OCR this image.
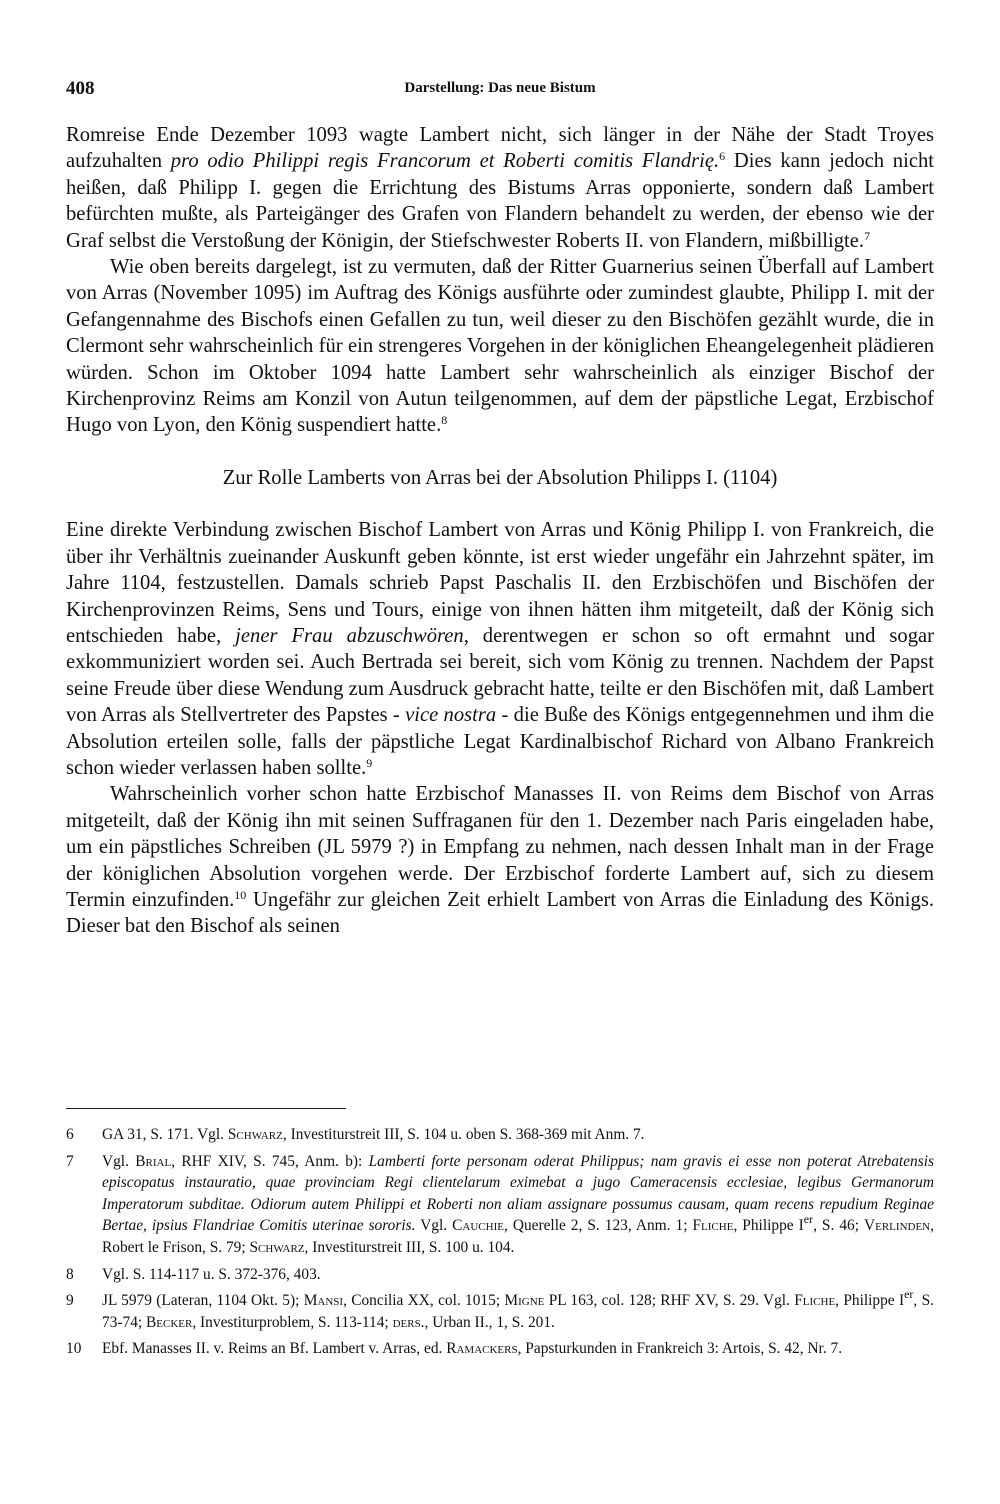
408	Darstellung: Das neue Bistum

Romreise Ende Dezember 1093 wagte Lambert nicht, sich länger in der Nähe der Stadt Troyes aufzuhalten pro odio Philippi regis Francorum et Roberti comitis Flandrię.$^6$ Dies kann jedoch nicht heißen, daß Philipp I. gegen die Errichtung des Bistums Arras opponierte, sondern daß Lambert befürchten mußte, als Parteigänger des Grafen von Flandern behandelt zu werden, der ebenso wie der Graf selbst die Verstoßung der Königin, der Stiefschwester Roberts II. von Flandern, mißbilligte.$^7$

Wie oben bereits dargelegt, ist zu vermuten, daß der Ritter Guarnerius seinen Überfall auf Lambert von Arras (November 1095) im Auftrag des Königs ausführte oder zumindest glaubte, Philipp I. mit der Gefangennahme des Bischofs einen Gefallen zu tun, weil dieser zu den Bischöfen gezählt wurde, die in Clermont sehr wahrscheinlich für ein strengeres Vorgehen in der königlichen Eheangelegenheit plädieren würden. Schon im Oktober 1094 hatte Lambert sehr wahrscheinlich als einziger Bischof der Kirchenprovinz Reims am Konzil von Autun teilgenommen, auf dem der päpstliche Legat, Erzbischof Hugo von Lyon, den König suspendiert hatte.$^8$

Zur Rolle Lamberts von Arras bei der Absolution Philipps I. (1104)

Eine direkte Verbindung zwischen Bischof Lambert von Arras und König Philipp I. von Frankreich, die über ihr Verhältnis zueinander Auskunft geben könnte, ist erst wieder ungefähr ein Jahrzehnt später, im Jahre 1104, festzustellen. Damals schrieb Papst Paschalis II. den Erzbischöfen und Bischöfen der Kirchenprovinzen Reims, Sens und Tours, einige von ihnen hätten ihm mitgeteilt, daß der König sich entschieden habe, jener Frau abzuschwören, derentwegen er schon so oft ermahnt und sogar exkommuniziert worden sei. Auch Bertrada sei bereit, sich vom König zu trennen. Nachdem der Papst seine Freude über diese Wendung zum Ausdruck gebracht hatte, teilte er den Bischöfen mit, daß Lambert von Arras als Stellvertreter des Papstes - vice nostra - die Buße des Königs entgegennehmen und ihm die Absolution erteilen solle, falls der päpstliche Legat Kardinalbischof Richard von Albano Frankreich schon wieder verlassen haben sollte.$^9$

Wahrscheinlich vorher schon hatte Erzbischof Manasses II. von Reims dem Bischof von Arras mitgeteilt, daß der König ihn mit seinen Suffraganen für den 1. Dezember nach Paris eingeladen habe, um ein päpstliches Schreiben (JL 5979 ?) in Empfang zu nehmen, nach dessen Inhalt man in der Frage der königlichen Absolution vorgehen werde. Der Erzbischof forderte Lambert auf, sich zu diesem Termin einzufinden.$^{10}$ Ungefähr zur gleichen Zeit erhielt Lambert von Arras die Einladung des Königs. Dieser bat den Bischof als seinen

6 GA 31, S. 171. Vgl. Schwarz, Investiturstreit III, S. 104 u. oben S. 368-369 mit Anm. 7.

7 Vgl. Brial, RHF XIV, S. 745, Anm. b): Lamberti forte personam oderat Philippus; nam gravis ei esse non poterat Atrebatensis episcopatus instauratio, quae provinciam Regi clientelarum eximebat a jugo Cameracensis ecclesiae, legibus Germanorum Imperatorum subditae. Odiorum autem Philippi et Roberti non aliam assignare possumus causam, quam recens repudium Reginae Bertae, ipsius Flandriae Comitis uterinae sororis. Vgl. Cauchie, Querelle 2, S. 123, Anm. 1; Fliche, Philippe Ier, S. 46; Verlinden, Robert le Frison, S. 79; Schwarz, Investiturstreit III, S. 100 u. 104.

8 Vgl. S. 114-117 u. S. 372-376, 403.

9 JL 5979 (Lateran, 1104 Okt. 5); Mansi, Concilia XX, col. 1015; Migne PL 163, col. 128; RHF XV, S. 29. Vgl. Fliche, Philippe Ier, S. 73-74; Becker, Investiturproblem, S. 113-114; ders., Urban II., 1, S. 201.

10 Ebf. Manasses II. v. Reims an Bf. Lambert v. Arras, ed. Ramackers, Papsturkunden in Frankreich 3: Artois, S. 42, Nr. 7.
